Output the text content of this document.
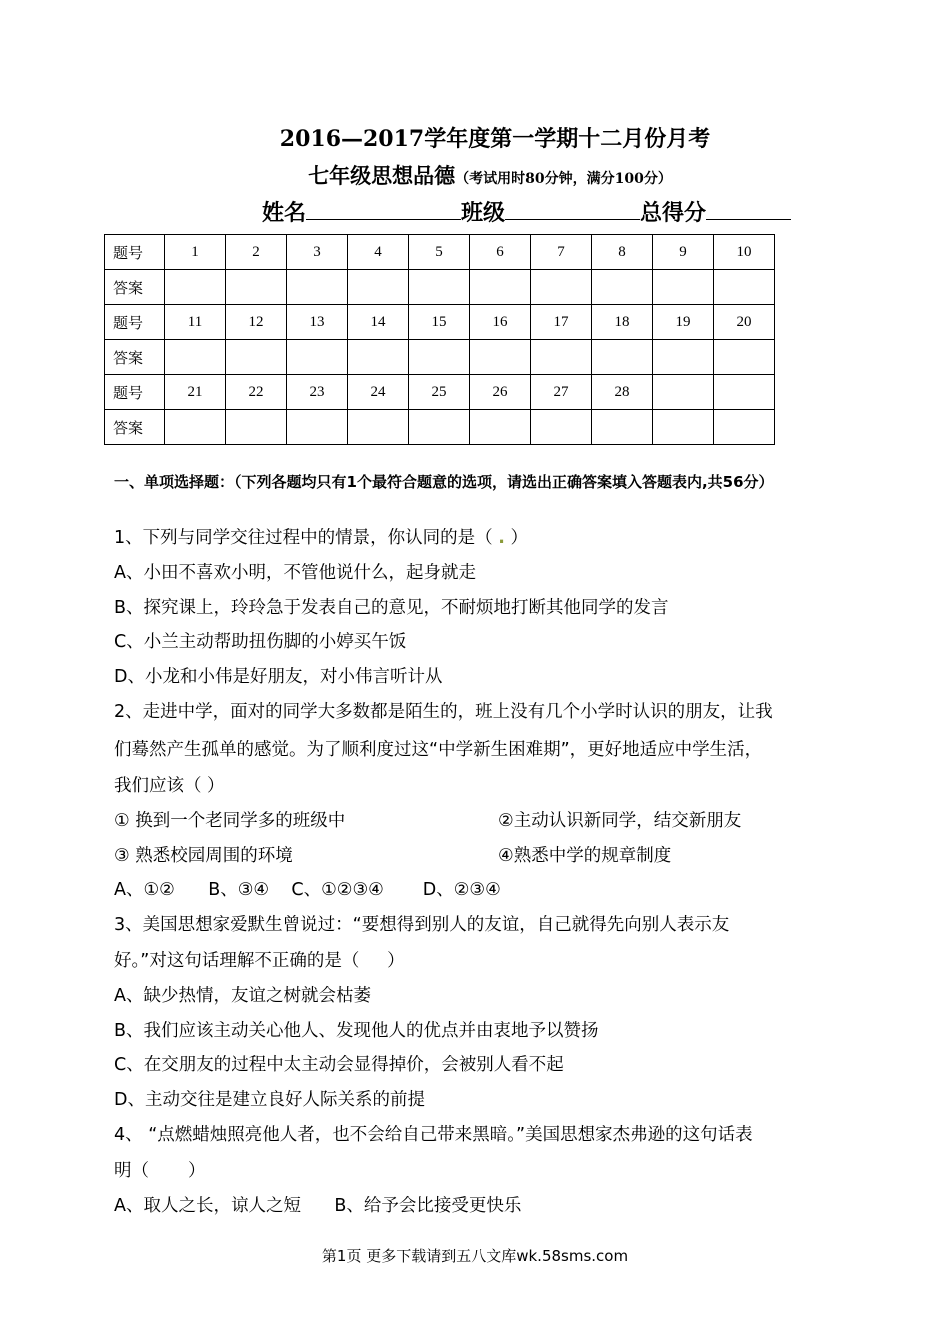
2016—2017学年度第一学期十二月份月考
七年级思想品德（考试用时80分钟，满分100分）
姓名	班级	总得分
题号	1	2	3	4	5	6	7	8	9	10
答案										
题号	11	12	13	14	15	16	17	18	19	20
答案										
题号	21	22	23	24	25	26	27	28		
答案										
一、单项选择题：（下列各题均只有1个最符合题意的选项，请选出正确答案填入答题表内,共56分）
1、下列与同学交往过程中的情景，你认同的是（ . ）
A、小田不喜欢小明，不管他说什么，起身就走
B、探究课上，玲玲急于发表自己的意见，不耐烦地打断其他同学的发言
C、小兰主动帮助扭伤脚的小婷买午饭
D、小龙和小伟是好朋友，对小伟言听计从
2、走进中学，面对的同学大多数都是陌生的，班上没有几个小学时认识的朋友，让我
们蓦然产生孤单的感觉。为了顺利度过这“中学新生困难期”，更好地适应中学生活，
我们应该（ ）
① 换到一个老同学多的班级中	②主动认识新同学，结交新朋友
③ 熟悉校园周围的环境	④熟悉中学的规章制度
A、①②      B、③④    C、①②③④       D、②③④
3、美国思想家爱默生曾说过：“要想得到别人的友谊，自己就得先向别人表示友
好。”对这句话理解不正确的是（     ）
A、缺少热情，友谊之树就会枯萎
B、我们应该主动关心他人、发现他人的优点并由衷地予以赞扬
C、在交朋友的过程中太主动会显得掉价，会被别人看不起
D、主动交往是建立良好人际关系的前提
4、 “点燃蜡烛照亮他人者，也不会给自己带来黑暗。”美国思想家杰弗逊的这句话表
明（       ）
A、取人之长，谅人之短      B、给予会比接受更快乐
第1页 更多下载请到五八文库wk.58sms.com
